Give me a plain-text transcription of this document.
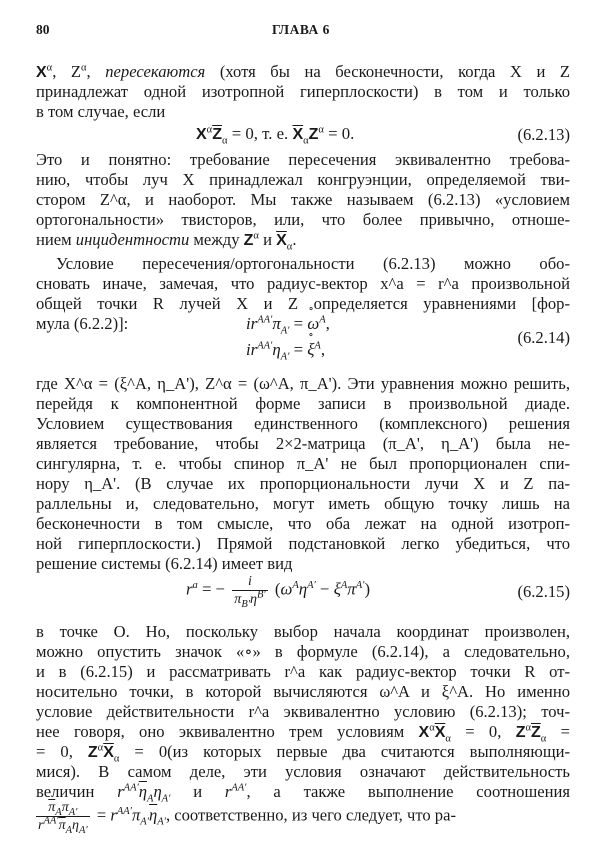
80	ГЛАВА 6
$X^\alpha$, $Z^\alpha$, пересекаются (хотя бы на бесконечности, когда X и Z
принадлежат одной изотропной гиперплоскости) в том и только
в том случае, если
$X^\alpha\overline{Z}_\alpha = 0$, т. е. $\overline{X}_\alpha Z^\alpha = 0$.	(6.2.13)
Это и понятно: требование пересечения эквивалентно требова-
нию, чтобы луч X принадлежал конгруэнции, определяемой тви-
стором Z^α, и наоборот. Мы также называем (6.2.13) «условием
ортогональности» твисторов, или, что более привычно, отноше-
нием инцидентности между $Z^\alpha$ и $\overline{X}_\alpha$.
Условие пересечения/ортогональности (6.2.13) можно обо-
сновать иначе, замечая, что радиус-вектор x^a = r^a произвольной
общей точки R лучей X и Z определяется уравнениями [фор-
мула (6.2.2)]:	$ir^{AA'}\pi_{A'}$ = ∘ $\omega^A$,
$ir^{AA'}\eta_{A'}$ = ∘ $\xi^A$,
(6.2.14)
где X^α = (ξ^A, η_A'), Z^α = (ω^A, π_A'). Эти уравнения можно решить,
перейдя к компонентной форме записи в произвольной диаде.
Условием существования единственного (комплексного) решения
является требование, чтобы 2×2-матрица (π_A', η_A') была не-
сингулярна, т. е. чтобы спинор π_A' не был пропорционален спи-
нору η_A'. (В случае их пропорциональности лучи X и Z па-
раллельны и, следовательно, могут иметь общую точку лишь на
бесконечности в том смысле, что оба лежат на одной изотроп-
ной гиперплоскости.) Прямой подстановкой легко убедиться, что
решение системы (6.2.14) имеет вид
$r^a$ = − $\frac{i}{\pi_{B'}\eta^{B'}} (\omega^A\eta^{A'} - \xi^A\pi^{A'})$	(6.2.15)
в точке O. Но, поскольку выбор начала координат произволен,
можно опустить значок «∘» в формуле (6.2.14), а следовательно,
и в (6.2.15) и рассматривать r^a как радиус-вектор точки R от-
носительно точки, в которой вычисляются ω^A и ξ^A. Но именно
условие действительности r^a эквивалентно условию (6.2.13); точ-
нее говоря, оно эквивалентно трем условиям $X^\alpha\overline{X}_\alpha = 0$, $Z^\alpha\overline{Z}_\alpha$ =
= 0, $Z^\alpha\overline{X}_\alpha = 0(из$ которых первые два считаются выполняющи-
мися). В самом деле, эти условия означают действительность
величин $r^{AA'}\overline{\eta}_A\eta_{A'}$ и $r^{AA'}$, а также выполнение соотношения
$\frac{\overline{\pi}_A\pi_{A'}}{r^{AA'}\overline{\pi}_A\eta_{A'}} = r^{AA'}\pi_{A'}\overline{\eta}_{A'}$, соответственно, из чего следует, что ра-
